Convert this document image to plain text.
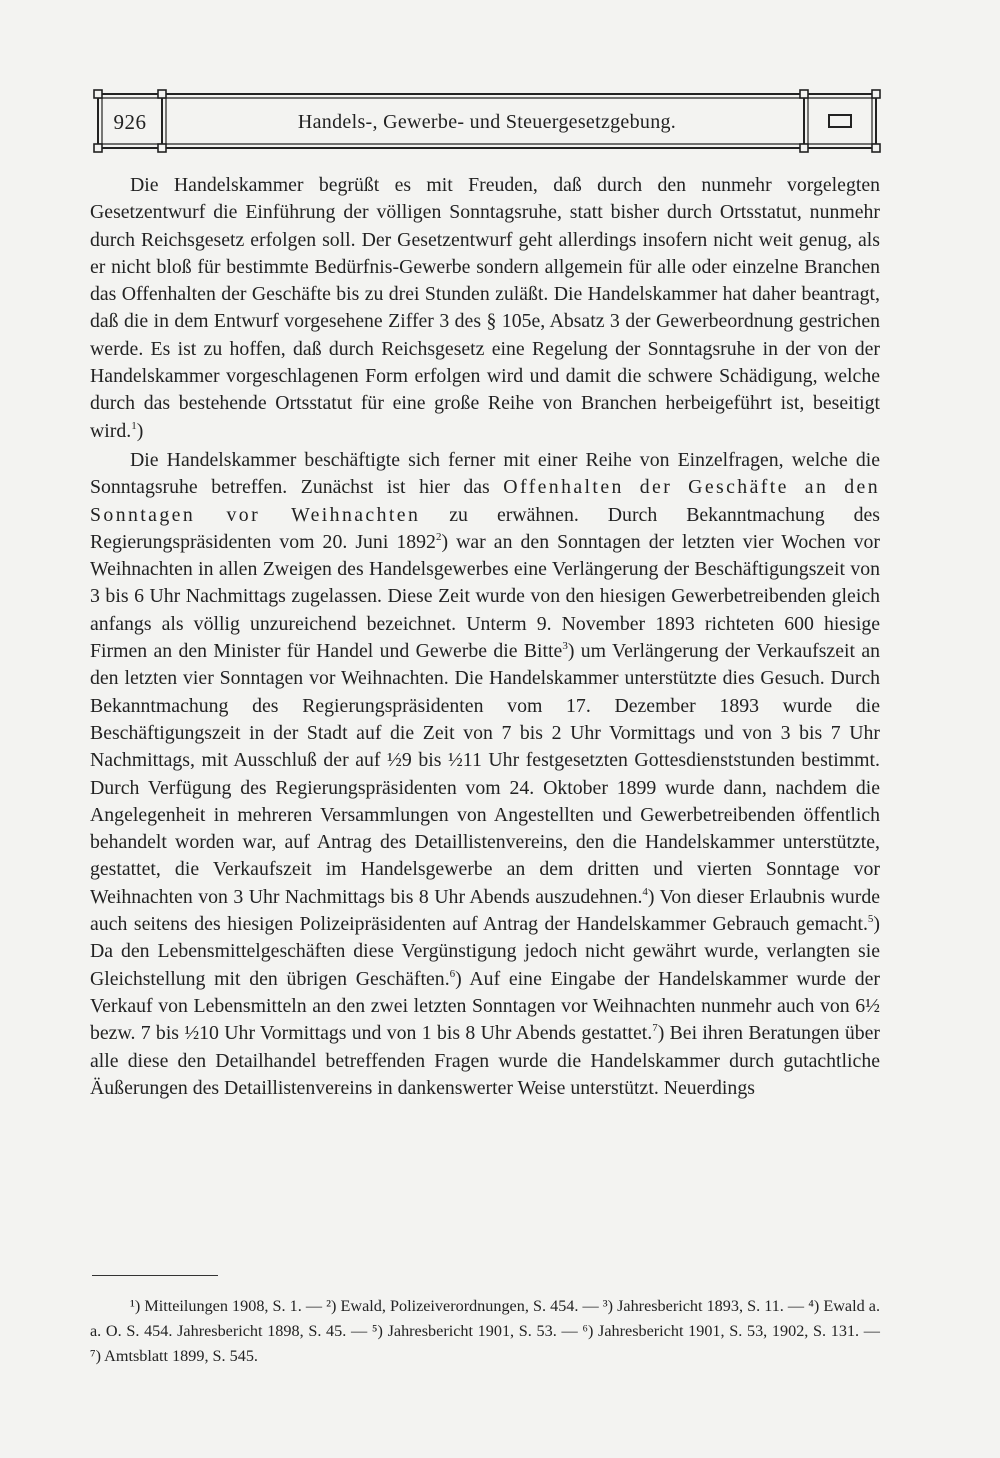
926	Handels-, Gewerbe- und Steuergesetzgebung.

Die Handelskammer begrüßt es mit Freuden, daß durch den nunmehr vorgelegten Gesetzentwurf die Einführung der völligen Sonntagsruhe, statt bisher durch Ortsstatut, nunmehr durch Reichsgesetz erfolgen soll. Der Gesetzentwurf geht allerdings insofern nicht weit genug, als er nicht bloß für bestimmte Bedürfnis-Gewerbe sondern allgemein für alle oder einzelne Branchen das Offenhalten der Geschäfte bis zu drei Stunden zuläßt. Die Handelskammer hat daher beantragt, daß die in dem Entwurf vorgesehene Ziffer 3 des § 105e, Absatz 3 der Gewerbeordnung gestrichen werde. Es ist zu hoffen, daß durch Reichsgesetz eine Regelung der Sonntagsruhe in der von der Handelskammer vorgeschlagenen Form erfolgen wird und damit die schwere Schädigung, welche durch das bestehende Ortsstatut für eine große Reihe von Branchen herbeigeführt ist, beseitigt wird.$^1$)

Die Handelskammer beschäftigte sich ferner mit einer Reihe von Einzelfragen, welche die Sonntagsruhe betreffen. Zunächst ist hier das Offenhalten der Geschäfte an den Sonntagen vor Weihnachten zu erwähnen. Durch Bekanntmachung des Regierungspräsidenten vom 20. Juni 1892$^2$) war an den Sonntagen der letzten vier Wochen vor Weihnachten in allen Zweigen des Handelsgewerbes eine Verlängerung der Beschäftigungszeit von 3 bis 6 Uhr Nachmittags zugelassen. Diese Zeit wurde von den hiesigen Gewerbetreibenden gleich anfangs als völlig unzureichend bezeichnet. Unterm 9. November 1893 richteten 600 hiesige Firmen an den Minister für Handel und Gewerbe die Bitte$^3$) um Verlängerung der Verkaufszeit an den letzten vier Sonntagen vor Weihnachten. Die Handelskammer unterstützte dies Gesuch. Durch Bekanntmachung des Regierungspräsidenten vom 17. Dezember 1893 wurde die Beschäftigungszeit in der Stadt auf die Zeit von 7 bis 2 Uhr Vormittags und von 3 bis 7 Uhr Nachmittags, mit Ausschluß der auf ½9 bis ½11 Uhr festgesetzten Gottesdienststunden bestimmt. Durch Verfügung des Regierungspräsidenten vom 24. Oktober 1899 wurde dann, nachdem die Angelegenheit in mehreren Versammlungen von Angestellten und Gewerbetreibenden öffentlich behandelt worden war, auf Antrag des Detaillistenvereins, den die Handelskammer unterstützte, gestattet, die Verkaufszeit im Handelsgewerbe an dem dritten und vierten Sonntage vor Weihnachten von 3 Uhr Nachmittags bis 8 Uhr Abends auszudehnen.$^4$) Von dieser Erlaubnis wurde auch seitens des hiesigen Polizeipräsidenten auf Antrag der Handelskammer Gebrauch gemacht.$^5$) Da den Lebensmittelgeschäften diese Vergünstigung jedoch nicht gewährt wurde, verlangten sie Gleichstellung mit den übrigen Geschäften.$^6$) Auf eine Eingabe der Handelskammer wurde der Verkauf von Lebensmitteln an den zwei letzten Sonntagen vor Weihnachten nunmehr auch von 6½ bezw. 7 bis ½10 Uhr Vormittags und von 1 bis 8 Uhr Abends gestattet.$^7$) Bei ihren Beratungen über alle diese den Detailhandel betreffenden Fragen wurde die Handelskammer durch gutachtliche Äußerungen des Detaillistenvereins in dankenswerter Weise unterstützt. Neuerdings

¹) Mitteilungen 1908, S. 1. — ²) Ewald, Polizeiverordnungen, S. 454. — ³) Jahresbericht 1893, S. 11. — ⁴) Ewald a. a. O. S. 454. Jahresbericht 1898, S. 45. — ⁵) Jahresbericht 1901, S. 53. — ⁶) Jahresbericht 1901, S. 53, 1902, S. 131. — ⁷) Amtsblatt 1899, S. 545.
